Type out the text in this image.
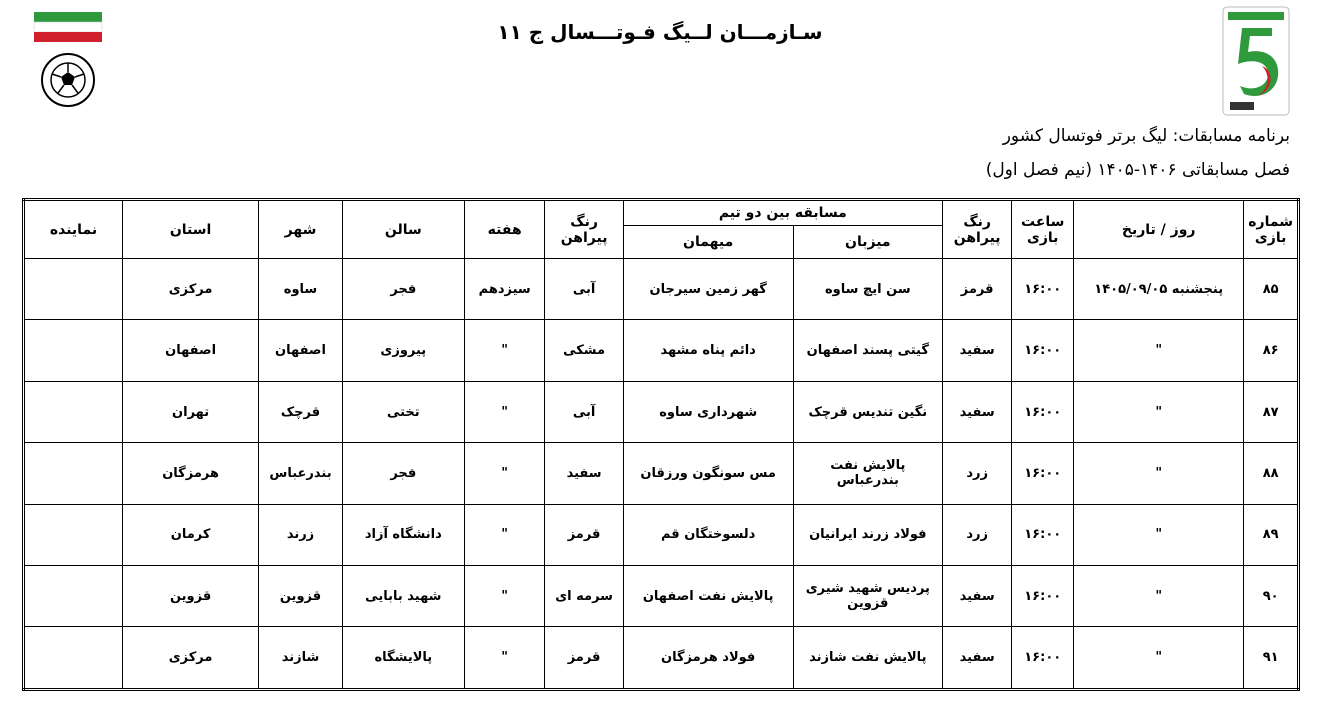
سـازمـــان لــیگ فـوتـــسال ج ۱۱
برنامه مسابقات: لیگ برتر فوتسال کشور
فصل مسابقاتی ۱۴۰۶-۱۴۰۵ (نیم فصل اول)
شماره بازی	روز / تاریخ	ساعت بازی	رنگ پیراهن	مسابقه بین دو تیم		رنگ پیراهن	هفته	سالن	شهر	استان	نماینده
				میزبان	میهمان						
۸۵	پنجشنبه ۱۴۰۵/۰۹/۰۵	۱۶:۰۰	قرمز	سن ایچ ساوه	گهر زمین سیرجان	آبی	سیزدهم	فجر	ساوه	مرکزی	
۸۶	"	۱۶:۰۰	سفید	گیتی پسند اصفهان	دائم پناه مشهد	مشکی	"	پیروزی	اصفهان	اصفهان	
۸۷	"	۱۶:۰۰	سفید	نگین تندیس قرچک	شهرداری ساوه	آبی	"	تختی	قرچک	تهران	
۸۸	"	۱۶:۰۰	زرد	پالایش نفت بندرعباس	مس سونگون ورزقان	سفید	"	فجر	بندرعباس	هرمزگان	
۸۹	"	۱۶:۰۰	زرد	فولاد زرند ایرانیان	دلسوختگان قم	قرمز	"	دانشگاه آزاد	زرند	کرمان	
۹۰	"	۱۶:۰۰	سفید	پردیس شهید شیری قزوین	پالایش نفت اصفهان	سرمه ای	"	شهید بابایی	قزوین	قزوین	
۹۱	"	۱۶:۰۰	سفید	پالایش نفت شازند	فولاد هرمزگان	قرمز	"	پالایشگاه	شازند	مرکزی	
